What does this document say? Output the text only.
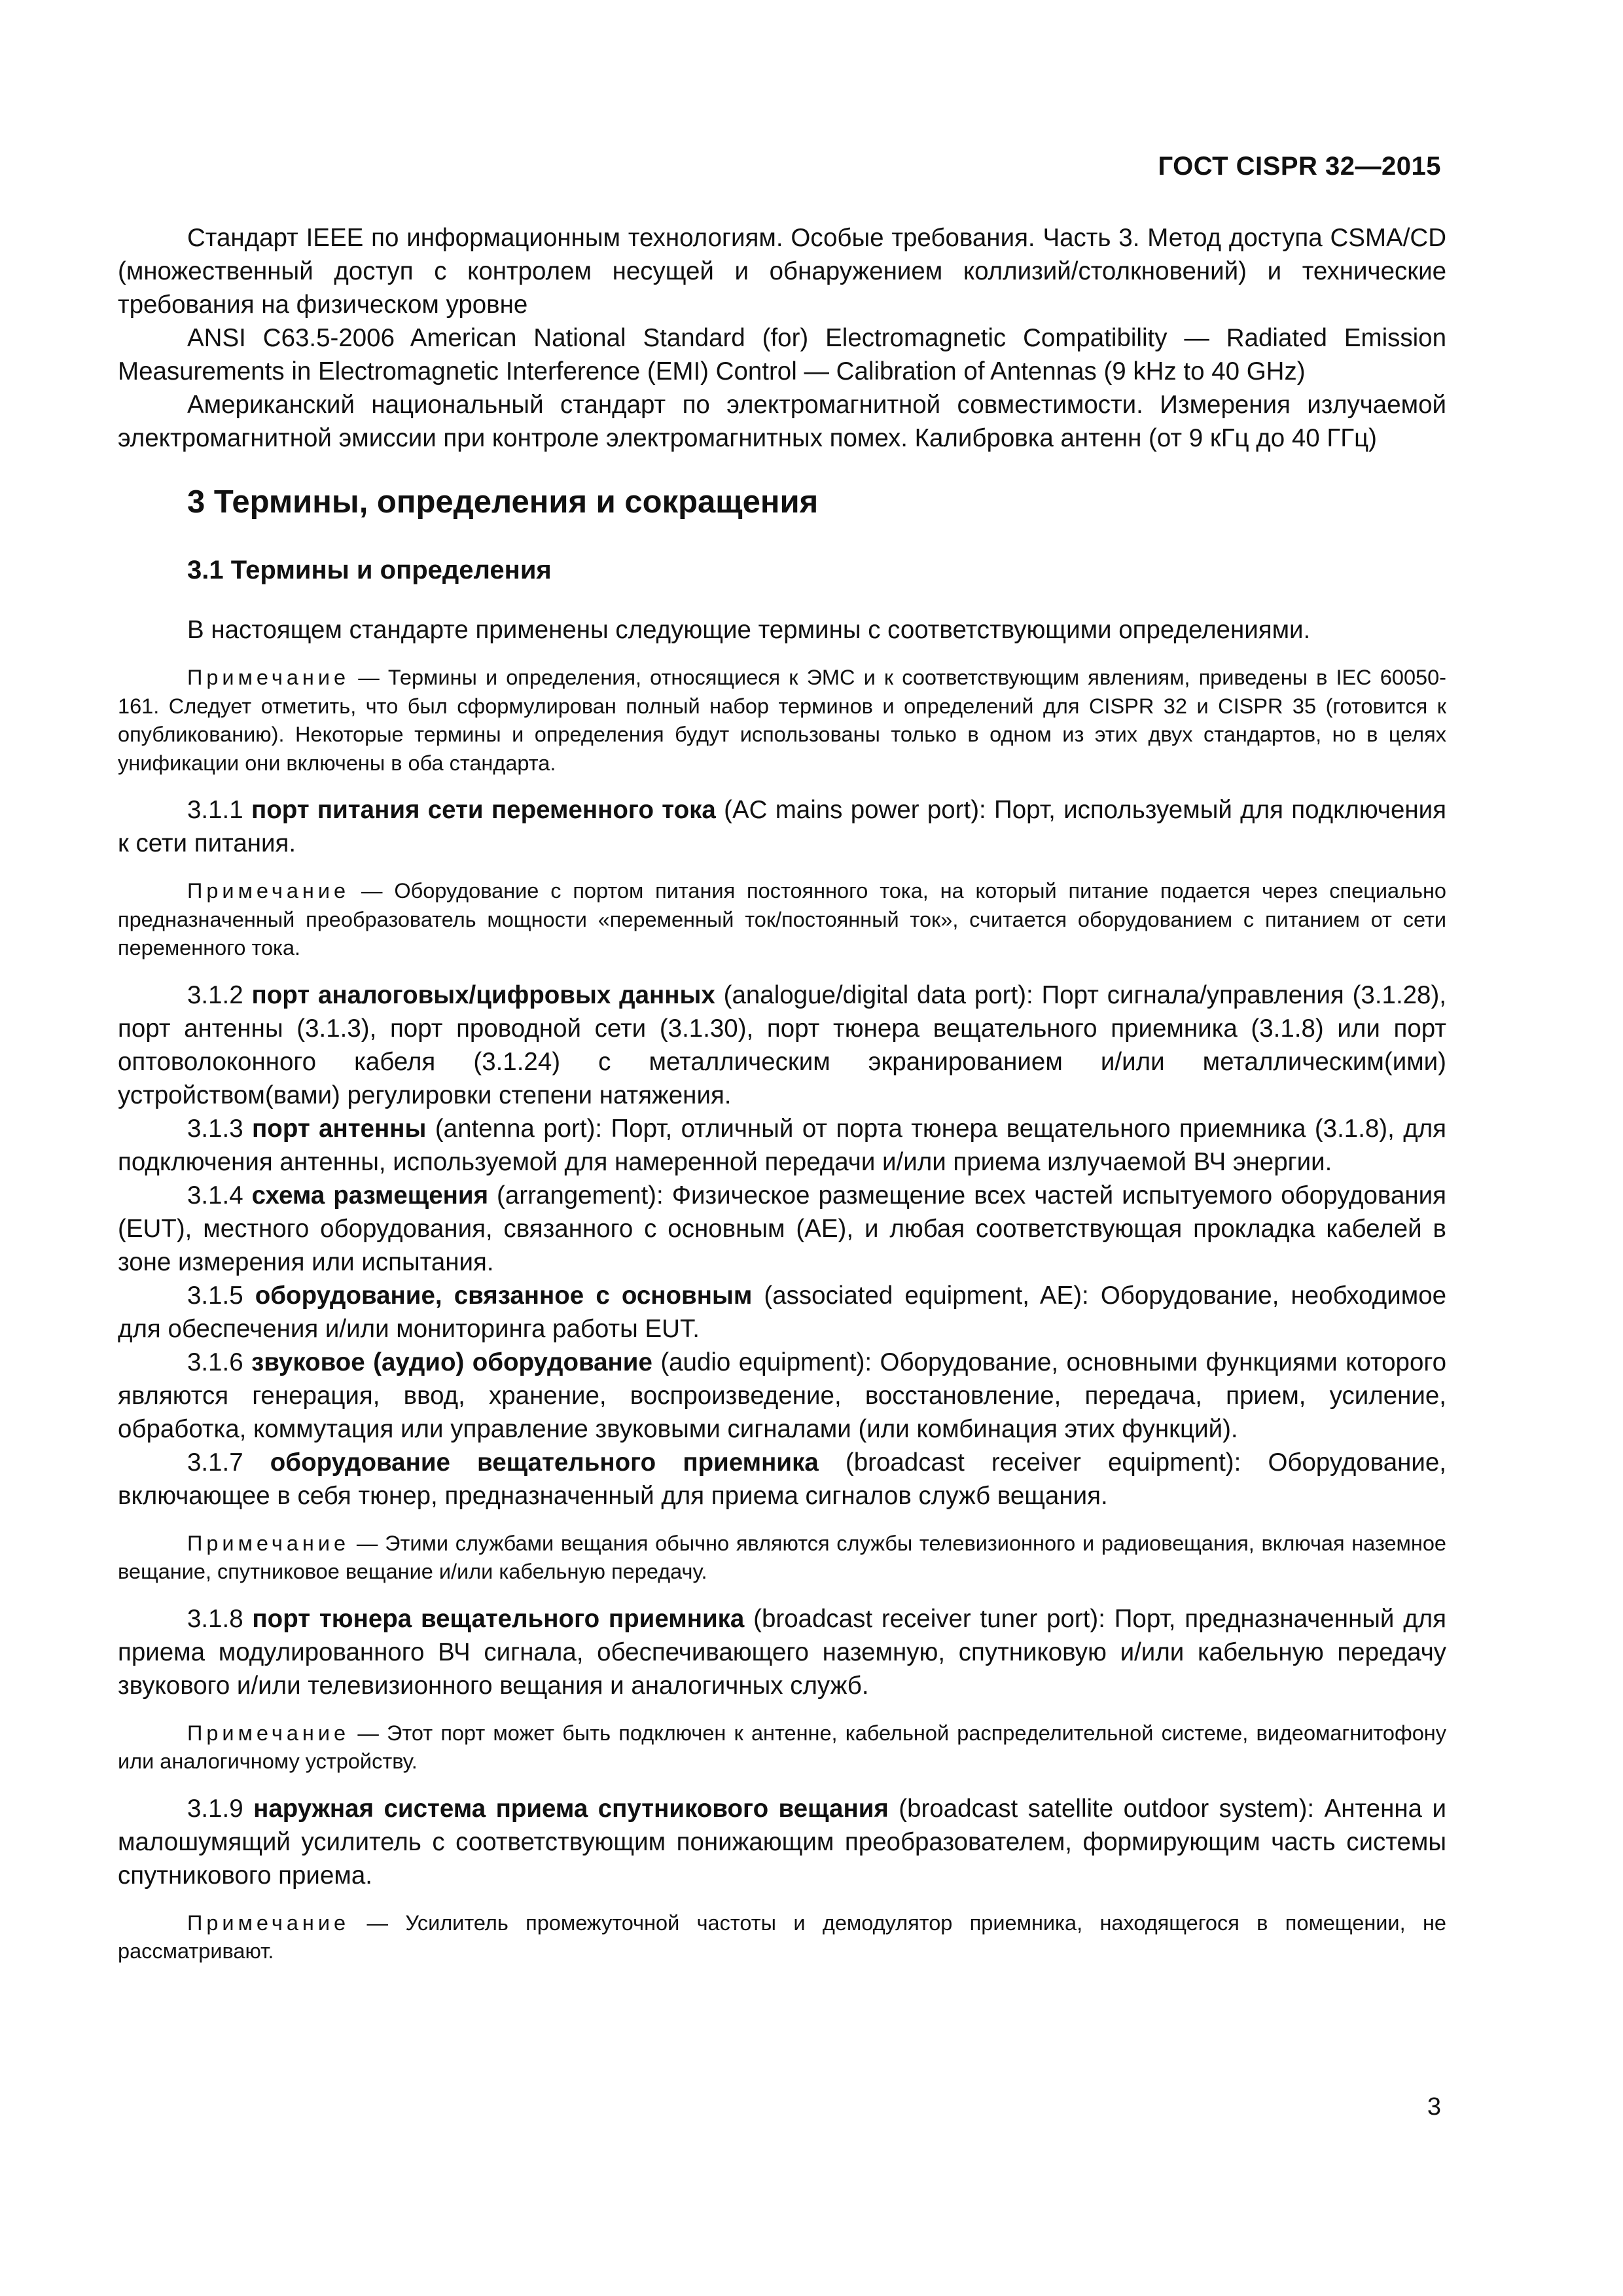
ГОСТ CISPR 32—2015

Стандарт IEEE по информационным технологиям. Особые требования. Часть 3. Метод доступа CSMA/CD (множественный доступ с контролем несущей и обнаружением коллизий/столкновений) и технические требования на физическом уровне

ANSI C63.5-2006 American National Standard (for) Electromagnetic Compatibility — Radiated Emission Measurements in Electromagnetic Interference (EMI) Control — Calibration of Antennas (9 kHz to 40 GHz)

Американский национальный стандарт по электромагнитной совместимости. Измерения излучаемой электромагнитной эмиссии при контроле электромагнитных помех. Калибровка антенн (от 9 кГц до 40 ГГц)

3 Термины, определения и сокращения
3.1 Термины и определения

В настоящем стандарте применены следующие термины с соответствующими определениями.

Примечание — Термины и определения, относящиеся к ЭМС и к соответствующим явлениям, приведены в IEC 60050-161. Следует отметить, что был сформулирован полный набор терминов и определений для CISPR 32 и CISPR 35 (готовится к опубликованию). Некоторые термины и определения будут использованы только в одном из этих двух стандартов, но в целях унификации они включены в оба стандарта.

3.1.1 порт питания сети переменного тока (AC mains power port): Порт, используемый для подключения к сети питания.

Примечание — Оборудование с портом питания постоянного тока, на который питание подается через специально предназначенный преобразователь мощности «переменный ток/постоянный ток», считается оборудованием с питанием от сети переменного тока.

3.1.2 порт аналоговых/цифровых данных (analogue/digital data port): Порт сигнала/управления (3.1.28), порт антенны (3.1.3), порт проводной сети (3.1.30), порт тюнера вещательного приемника (3.1.8) или порт оптоволоконного кабеля (3.1.24) с металлическим экранированием и/или металлическим(ими) устройством(вами) регулировки степени натяжения.

3.1.3 порт антенны (antenna port): Порт, отличный от порта тюнера вещательного приемника (3.1.8), для подключения антенны, используемой для намеренной передачи и/или приема излучаемой ВЧ энергии.

3.1.4 схема размещения (arrangement): Физическое размещение всех частей испытуемого оборудования (EUT), местного оборудования, связанного с основным (АЕ), и любая соответствующая прокладка кабелей в зоне измерения или испытания.

3.1.5 оборудование, связанное с основным (associated equipment, AE): Оборудование, необходимое для обеспечения и/или мониторинга работы EUT.

3.1.6 звуковое (аудио) оборудование (audio equipment): Оборудование, основными функциями которого являются генерация, ввод, хранение, воспроизведение, восстановление, передача, прием, усиление, обработка, коммутация или управление звуковыми сигналами (или комбинация этих функций).

3.1.7 оборудование вещательного приемника (broadcast receiver equipment): Оборудование, включающее в себя тюнер, предназначенный для приема сигналов служб вещания.

Примечание — Этими службами вещания обычно являются службы телевизионного и радиовещания, включая наземное вещание, спутниковое вещание и/или кабельную передачу.

3.1.8 порт тюнера вещательного приемника (broadcast receiver tuner port): Порт, предназначенный для приема модулированного ВЧ сигнала, обеспечивающего наземную, спутниковую и/или кабельную передачу звукового и/или телевизионного вещания и аналогичных служб.

Примечание — Этот порт может быть подключен к антенне, кабельной распределительной системе, видеомагнитофону или аналогичному устройству.

3.1.9 наружная система приема спутникового вещания (broadcast satellite outdoor system): Антенна и малошумящий усилитель с соответствующим понижающим преобразователем, формирующим часть системы спутникового приема.

Примечание — Усилитель промежуточной частоты и демодулятор приемника, находящегося в помещении, не рассматривают.

3
